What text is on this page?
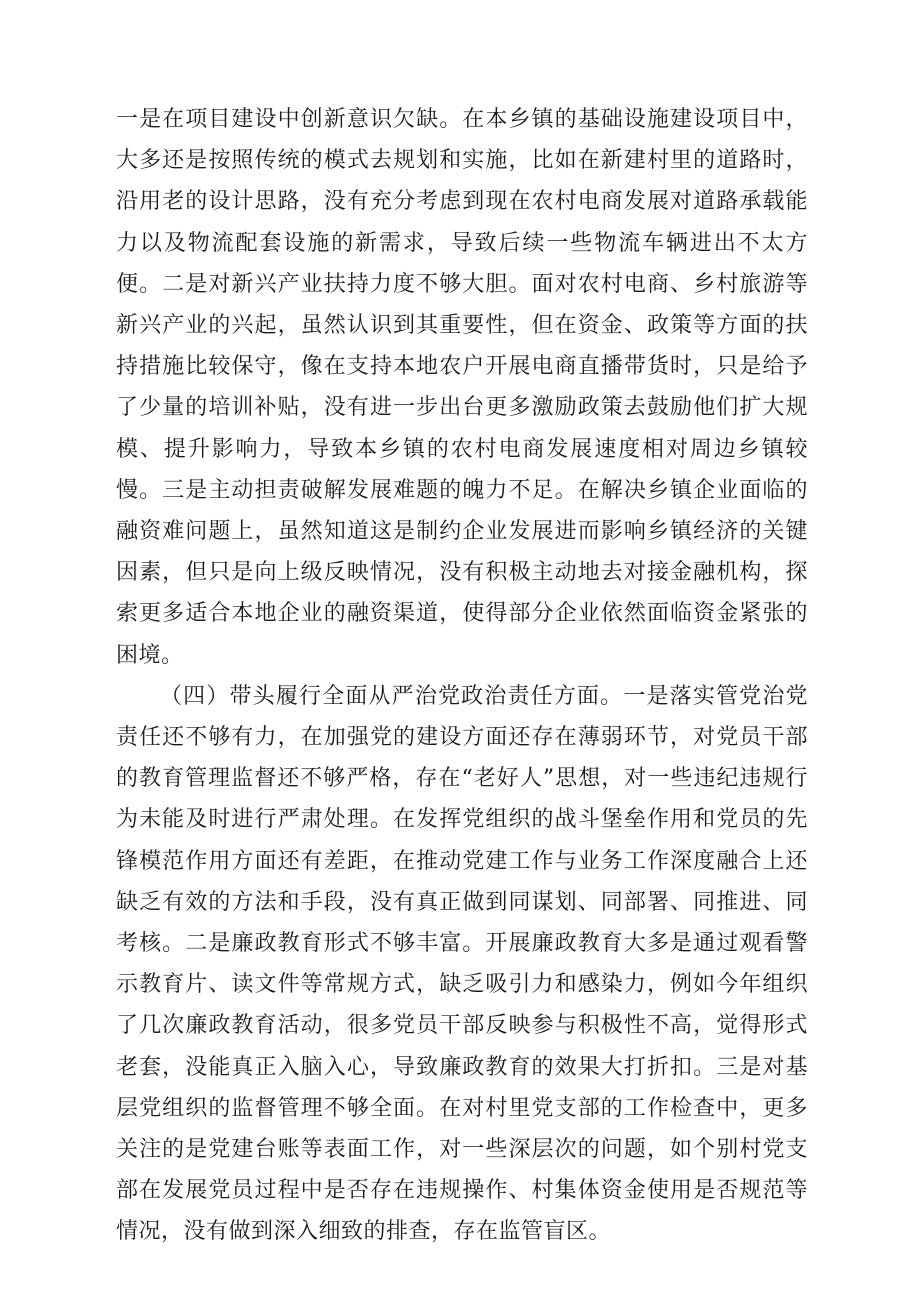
一是在项目建设中创新意识欠缺。在本乡镇的基础设施建设项目中，大多还是按照传统的模式去规划和实施，比如在新建村里的道路时，沿用老的设计思路，没有充分考虑到现在农村电商发展对道路承载能力以及物流配套设施的新需求，导致后续一些物流车辆进出不太方便。二是对新兴产业扶持力度不够大胆。面对农村电商、乡村旅游等新兴产业的兴起，虽然认识到其重要性，但在资金、政策等方面的扶持措施比较保守，像在支持本地农户开展电商直播带货时，只是给予了少量的培训补贴，没有进一步出台更多激励政策去鼓励他们扩大规模、提升影响力，导致本乡镇的农村电商发展速度相对周边乡镇较慢。三是主动担责破解发展难题的魄力不足。在解决乡镇企业面临的融资难问题上，虽然知道这是制约企业发展进而影响乡镇经济的关键因素，但只是向上级反映情况，没有积极主动地去对接金融机构，探索更多适合本地企业的融资渠道，使得部分企业依然面临资金紧张的困境。

（四）带头履行全面从严治党政治责任方面。一是落实管党治党责任还不够有力，在加强党的建设方面还存在薄弱环节，对党员干部的教育管理监督还不够严格，存在“老好人”思想，对一些违纪违规行为未能及时进行严肃处理。在发挥党组织的战斗堡垒作用和党员的先锋模范作用方面还有差距，在推动党建工作与业务工作深度融合上还缺乏有效的方法和手段，没有真正做到同谋划、同部署、同推进、同考核。二是廉政教育形式不够丰富。开展廉政教育大多是通过观看警示教育片、读文件等常规方式，缺乏吸引力和感染力，例如今年组织了几次廉政教育活动，很多党员干部反映参与积极性不高，觉得形式老套，没能真正入脑入心，导致廉政教育的效果大打折扣。三是对基层党组织的监督管理不够全面。在对村里党支部的工作检查中，更多关注的是党建台账等表面工作，对一些深层次的问题，如个别村党支部在发展党员过程中是否存在违规操作、村集体资金使用是否规范等情况，没有做到深入细致的排查，存在监管盲区。
